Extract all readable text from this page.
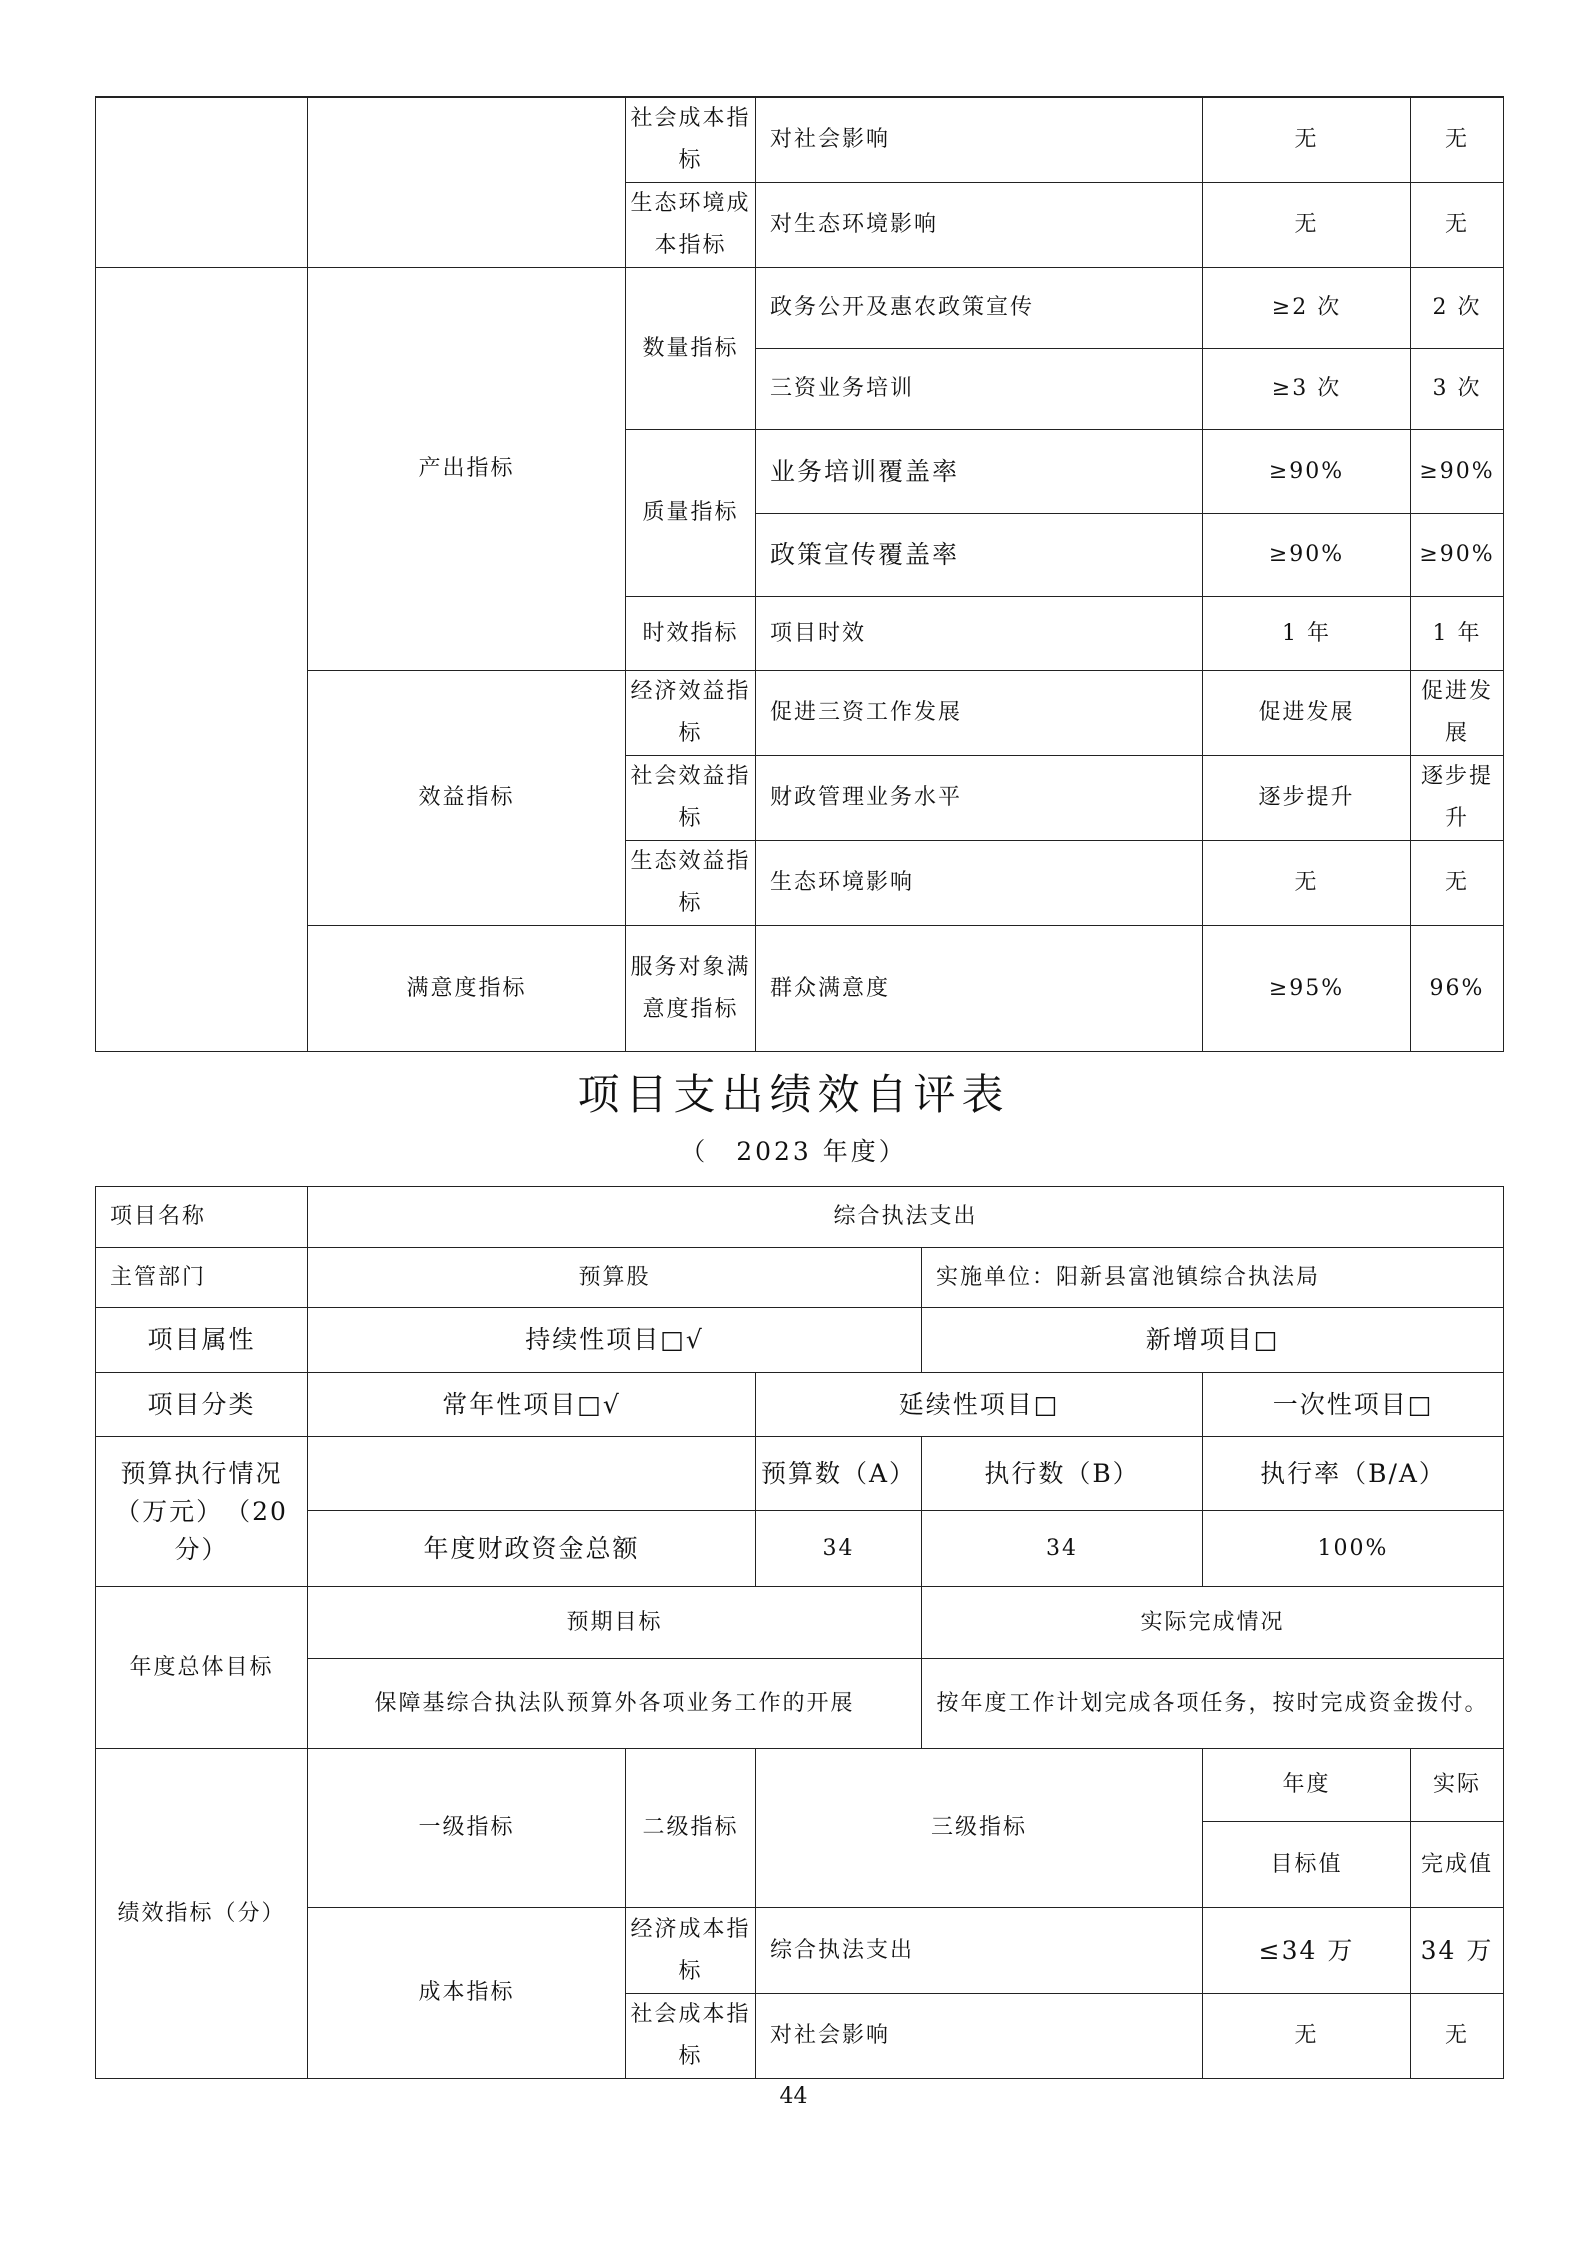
		社会成本指标	对社会影响	无	无
		生态环境成本指标	对生态环境影响	无	无
	产出指标	数量指标	政务公开及惠农政策宣传	≥2 次	2 次
			三资业务培训	≥3 次	3 次
		质量指标	业务培训覆盖率	≥90%	≥90%
			政策宣传覆盖率	≥90%	≥90%
		时效指标	项目时效	1 年	1 年
	效益指标	经济效益指标	促进三资工作发展	促进发展	促进发展
		社会效益指标	财政管理业务水平	逐步提升	逐步提升
		生态效益指标	生态环境影响	无	无
	满意度指标	服务对象满意度指标	群众满意度	≥95%	96%
项目支出绩效自评表
（　2023 年度）
项目名称	综合执法支出					
主管部门	预算股			实施单位：阳新县富池镇综合执法局		
项目属性	持续性项目□√			新增项目□		
项目分类	常年性项目□√		延续性项目□		一次性项目□	
预算执行情况（万元）　（20分）			预算数（A）	执行数（B）	执行率（B/A）	
	年度财政资金总额		34	34	100%	
年度总体目标	预期目标			实际完成情况		
	保障基综合执法队预算外各项业务工作的开展			按年度工作计划完成各项任务，按时完成资金拨付。		
绩效指标（分）	一级指标	二级指标	三级指标		年度	实际
					目标值	完成值
	成本指标	经济成本指标	综合执法支出		≤34 万	34 万
		社会成本指标	对社会影响		无	无
44
